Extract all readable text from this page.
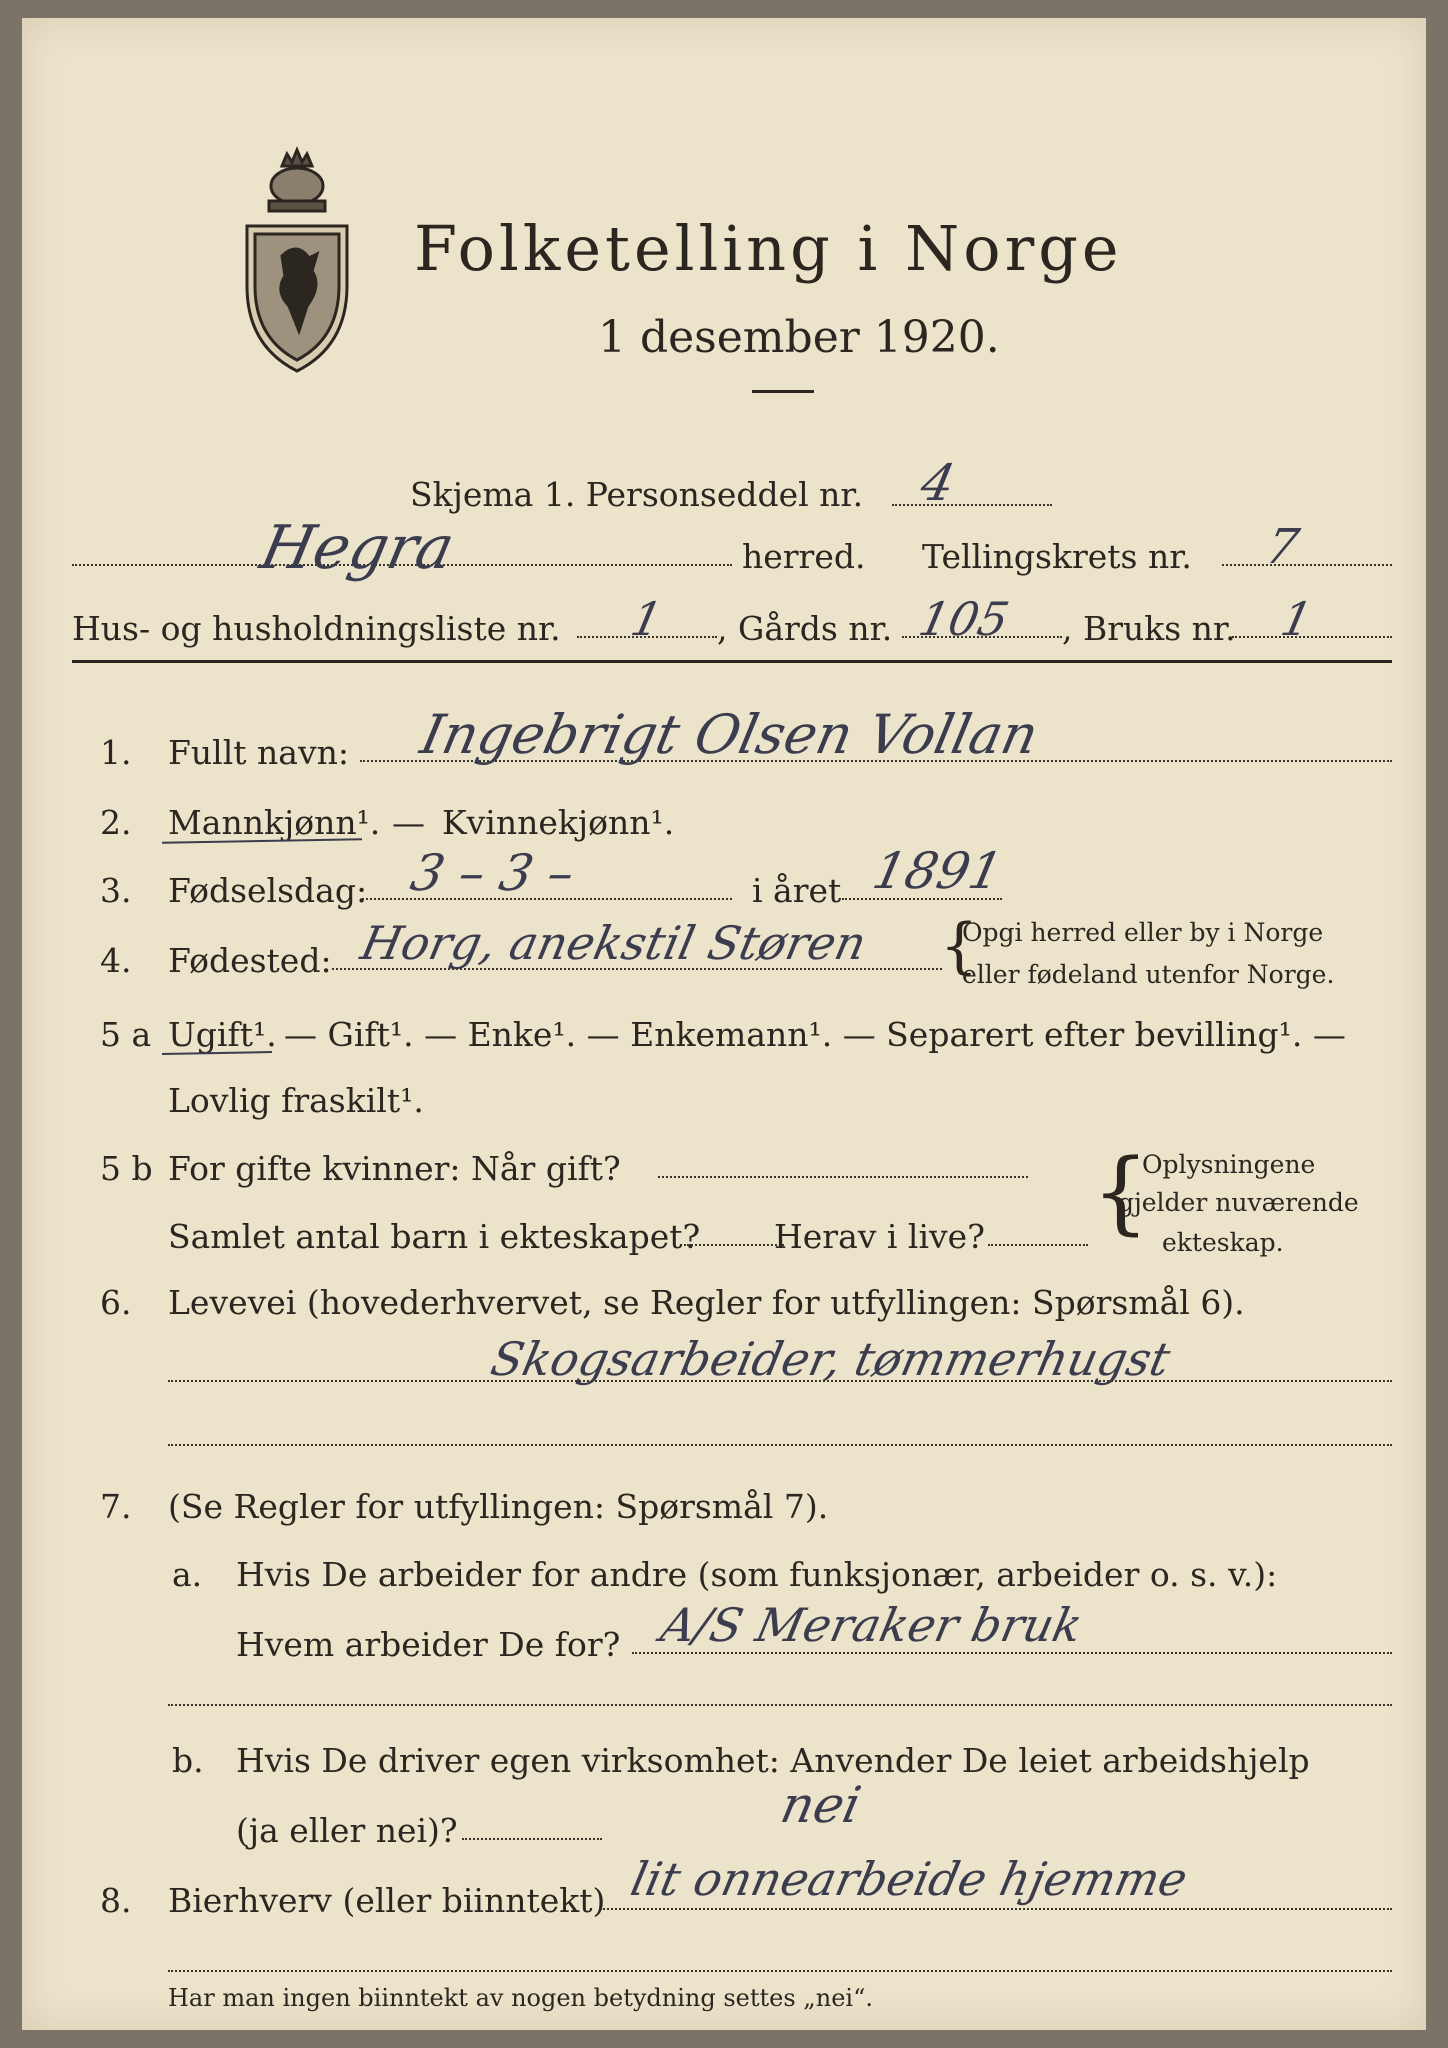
Folketelling i Norge
1 desember 1920.
Skjema 1. Personseddel nr. 4
Hegra	herred. Tellingskrets nr. 7
Hus- og husholdningsliste nr. 1 , Gårds nr. 105 , Bruks nr. 1
1. Fullt navn: Ingebrigt Olsen Vollan
2. Mannkjønn¹. — Kvinnekjønn¹.
3. Fødselsdag: 3 – 3 –	i året 1891
4. Fødested: Horg, anekstil Støren {
Opgi herred eller by i Norge
eller fødeland utenfor Norge.
5 a Ugift¹. — Gift¹. — Enke¹. — Enkemann¹. — Separert efter bevilling¹. —
Lovlig fraskilt¹.
5 b For gifte kvinner: Når gift?
Samlet antal barn i ekteskapet? Herav i live? {
Oplysningene
gjelder nuværende
ekteskap.
6. Levevei (hovederhvervet, se Regler for utfyllingen: Spørsmål 6).
Skogsarbeider, tømmerhugst
7. (Se Regler for utfyllingen: Spørsmål 7).
a. Hvis De arbeider for andre (som funksjonær, arbeider o. s. v.):
Hvem arbeider De for? A/S Meraker bruk
b. Hvis De driver egen virksomhet: Anvender De leiet arbeidshjelp
(ja eller nei)?	nei
8. Bierhverv (eller biinntekt) lit onnearbeide hjemme
Har man ingen biinntekt av nogen betydning settes „nei“.
